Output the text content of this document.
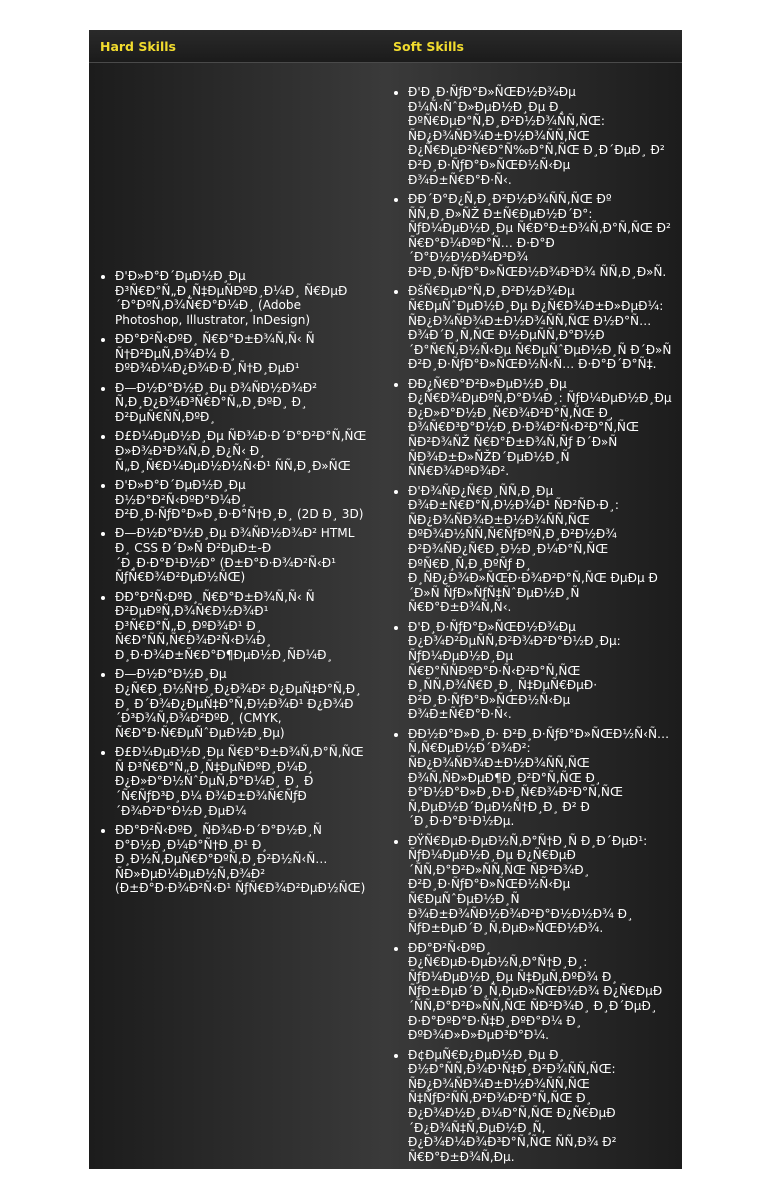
Hard Skills	Soft Skills
• Ð'Ð»Ð°Ð´ÐµÐ½Ð¸Ðµ Ð³Ñ€Ð°Ñ„Ð¸Ñ‡ÐµÑÐºÐ¸Ð¼Ð¸ Ñ€ÐµÐ´Ð°ÐºÑ‚Ð¾Ñ€Ð°Ð¼Ð¸ (Adobe Photoshop, Illustrator, InDesign)
• ÐÐ°Ð²Ñ‹ÐºÐ¸ Ñ€Ð°Ð±Ð¾Ñ‚Ñ‹ Ñ Ñ†Ð²ÐµÑ‚Ð¾Ð¼ Ð¸ ÐºÐ¾Ð¼Ð¿Ð¾Ð·Ð¸Ñ†Ð¸ÐµÐ¹
• Ð—Ð½Ð°Ð½Ð¸Ðµ Ð¾ÑÐ½Ð¾Ð² Ñ‚Ð¸Ð¿Ð¾Ð³Ñ€Ð°Ñ„Ð¸ÐºÐ¸ Ð¸ Ð²ÐµÑ€ÑÑ‚ÐºÐ¸
• Ð£Ð¼ÐµÐ½Ð¸Ðµ ÑÐ¾Ð·Ð´Ð°Ð²Ð°Ñ‚ÑŒ Ð»Ð¾Ð³Ð¾Ñ‚Ð¸Ð¿Ñ‹ Ð¸ Ñ„Ð¸Ñ€Ð¼ÐµÐ½Ð½Ñ‹Ð¹ ÑÑ‚Ð¸Ð»ÑŒ
• Ð'Ð»Ð°Ð´ÐµÐ½Ð¸Ðµ Ð½Ð°Ð²Ñ‹ÐºÐ°Ð¼Ð¸ Ð²Ð¸Ð·ÑƒÐ°Ð»Ð¸Ð·Ð°Ñ†Ð¸Ð¸ (2D Ð¸ 3D)
• Ð—Ð½Ð°Ð½Ð¸Ðµ Ð¾ÑÐ½Ð¾Ð² HTML Ð¸ CSS Ð´Ð»Ñ Ð²ÐµÐ±-Ð´Ð¸Ð·Ð°Ð¹Ð½Ð° (Ð±Ð°Ð·Ð¾Ð²Ñ‹Ð¹ ÑƒÑ€Ð¾Ð²ÐµÐ½ÑŒ)
• ÐÐ°Ð²Ñ‹ÐºÐ¸ Ñ€Ð°Ð±Ð¾Ñ‚Ñ‹ Ñ Ð²ÐµÐºÑ‚Ð¾Ñ€Ð½Ð¾Ð¹ Ð³Ñ€Ð°Ñ„Ð¸ÐºÐ¾Ð¹ Ð¸ Ñ€Ð°ÑÑ‚Ñ€Ð¾Ð²Ñ‹Ð¼Ð¸ Ð¸Ð·Ð¾Ð±Ñ€Ð°Ð¶ÐµÐ½Ð¸ÑÐ¼Ð¸
• Ð—Ð½Ð°Ð½Ð¸Ðµ Ð¿Ñ€Ð¸Ð½Ñ†Ð¸Ð¿Ð¾Ð² Ð¿ÐµÑ‡Ð°Ñ‚Ð¸ Ð¸ Ð´Ð¾Ð¿ÐµÑ‡Ð°Ñ‚Ð½Ð¾Ð¹ Ð¿Ð¾Ð´Ð³Ð¾Ñ‚Ð¾Ð²ÐºÐ¸ (CMYK, Ñ€Ð°Ð·Ñ€ÐµÑˆÐµÐ½Ð¸Ðµ)
• Ð£Ð¼ÐµÐ½Ð¸Ðµ Ñ€Ð°Ð±Ð¾Ñ‚Ð°Ñ‚ÑŒ Ñ Ð³Ñ€Ð°Ñ„Ð¸Ñ‡ÐµÑÐºÐ¸Ð¼Ð¸ Ð¿Ð»Ð°Ð½ÑˆÐµÑ‚Ð°Ð¼Ð¸ Ð¸ Ð´Ñ€ÑƒÐ³Ð¸Ð¼ Ð¾Ð±Ð¾Ñ€ÑƒÐ´Ð¾Ð²Ð°Ð½Ð¸ÐµÐ¼
• ÐÐ°Ð²Ñ‹ÐºÐ¸ ÑÐ¾Ð·Ð´Ð°Ð½Ð¸Ñ Ð°Ð½Ð¸Ð¼Ð°Ñ†Ð¸Ð¹ Ð¸ Ð¸Ð½Ñ‚ÐµÑ€Ð°ÐºÑ‚Ð¸Ð²Ð½Ñ‹Ñ… ÑÐ»ÐµÐ¼ÐµÐ½Ñ‚Ð¾Ð² (Ð±Ð°Ð·Ð¾Ð²Ñ‹Ð¹ ÑƒÑ€Ð¾Ð²ÐµÐ½ÑŒ)
• Ð'Ð¸Ð·ÑƒÐ°Ð»ÑŒÐ½Ð¾Ðµ Ð¼Ñ‹ÑˆÐ»ÐµÐ½Ð¸Ðµ Ð¸ ÐºÑ€ÐµÐ°Ñ‚Ð¸Ð²Ð½Ð¾ÑÑ‚ÑŒ: ÑÐ¿Ð¾ÑÐ¾Ð±Ð½Ð¾ÑÑ‚ÑŒ Ð¿Ñ€ÐµÐ²Ñ€Ð°Ñ‰Ð°Ñ‚ÑŒ Ð¸Ð´ÐµÐ¸ Ð² Ð²Ð¸Ð·ÑƒÐ°Ð»ÑŒÐ½Ñ‹Ðµ Ð¾Ð±Ñ€Ð°Ð·Ñ‹.
• ÐÐ´Ð°Ð¿Ñ‚Ð¸Ð²Ð½Ð¾ÑÑ‚ÑŒ Ðº ÑÑ‚Ð¸Ð»ÑŽ Ð±Ñ€ÐµÐ½Ð´Ð°: ÑƒÐ¼ÐµÐ½Ð¸Ðµ Ñ€Ð°Ð±Ð¾Ñ‚Ð°Ñ‚ÑŒ Ð² Ñ€Ð°Ð¼ÐºÐ°Ñ… Ð·Ð°Ð´Ð°Ð½Ð½Ð¾Ð³Ð¾ Ð²Ð¸Ð·ÑƒÐ°Ð»ÑŒÐ½Ð¾Ð³Ð¾ ÑÑ‚Ð¸Ð»Ñ.
• ÐšÑ€ÐµÐ°Ñ‚Ð¸Ð²Ð½Ð¾Ðµ Ñ€ÐµÑˆÐµÐ½Ð¸Ðµ Ð¿Ñ€Ð¾Ð±Ð»ÐµÐ¼: ÑÐ¿Ð¾ÑÐ¾Ð±Ð½Ð¾ÑÑ‚ÑŒ Ð½Ð°Ñ…Ð¾Ð´Ð¸Ñ‚ÑŒ Ð½ÐµÑÑ‚Ð°Ð½Ð´Ð°Ñ€Ñ‚Ð½Ñ‹Ðµ Ñ€ÐµÑˆÐµÐ½Ð¸Ñ Ð´Ð»Ñ Ð²Ð¸Ð·ÑƒÐ°Ð»ÑŒÐ½Ñ‹Ñ… Ð·Ð°Ð´Ð°Ñ‡.
• ÐÐ¿Ñ€Ð°Ð²Ð»ÐµÐ½Ð¸Ðµ Ð¿Ñ€Ð¾ÐµÐºÑ‚Ð°Ð¼Ð¸: ÑƒÐ¼ÐµÐ½Ð¸Ðµ Ð¿Ð»Ð°Ð½Ð¸Ñ€Ð¾Ð²Ð°Ñ‚ÑŒ Ð¸ Ð¾Ñ€Ð³Ð°Ð½Ð¸Ð·Ð¾Ð²Ñ‹Ð²Ð°Ñ‚ÑŒ ÑÐ²Ð¾ÑŽ Ñ€Ð°Ð±Ð¾Ñ‚Ñƒ Ð´Ð»Ñ ÑÐ¾Ð±Ð»ÑŽÐ´ÐµÐ½Ð¸Ñ ÑÑ€Ð¾ÐºÐ¾Ð².
• Ð'Ð¾ÑÐ¿Ñ€Ð¸ÑÑ‚Ð¸Ðµ Ð¾Ð±Ñ€Ð°Ñ‚Ð½Ð¾Ð¹ ÑÐ²ÑÐ·Ð¸: ÑÐ¿Ð¾ÑÐ¾Ð±Ð½Ð¾ÑÑ‚ÑŒ ÐºÐ¾Ð½ÑÑ‚Ñ€ÑƒÐºÑ‚Ð¸Ð²Ð½Ð¾ Ð²Ð¾ÑÐ¿Ñ€Ð¸Ð½Ð¸Ð¼Ð°Ñ‚ÑŒ ÐºÑ€Ð¸Ñ‚Ð¸ÐºÑƒ Ð¸ Ð¸ÑÐ¿Ð¾Ð»ÑŒÐ·Ð¾Ð²Ð°Ñ‚ÑŒ ÐµÐµ Ð´Ð»Ñ ÑƒÐ»ÑƒÑ‡ÑˆÐµÐ½Ð¸Ñ Ñ€Ð°Ð±Ð¾Ñ‚Ñ‹.
• Ð'Ð¸Ð·ÑƒÐ°Ð»ÑŒÐ½Ð¾Ðµ Ð¿Ð¾Ð²ÐµÑÑ‚Ð²Ð¾Ð²Ð°Ð½Ð¸Ðµ: ÑƒÐ¼ÐµÐ½Ð¸Ðµ Ñ€Ð°ÑÑÐºÐ°Ð·Ñ‹Ð²Ð°Ñ‚ÑŒ Ð¸ÑÑ‚Ð¾Ñ€Ð¸Ð¸ Ñ‡ÐµÑ€ÐµÐ· Ð²Ð¸Ð·ÑƒÐ°Ð»ÑŒÐ½Ñ‹Ðµ Ð¾Ð±Ñ€Ð°Ð·Ñ‹.
• ÐÐ½Ð°Ð»Ð¸Ð· Ð²Ð¸Ð·ÑƒÐ°Ð»ÑŒÐ½Ñ‹Ñ… Ñ‚Ñ€ÐµÐ½Ð´Ð¾Ð²: ÑÐ¿Ð¾ÑÐ¾Ð±Ð½Ð¾ÑÑ‚ÑŒ Ð¾Ñ‚ÑÐ»ÐµÐ¶Ð¸Ð²Ð°Ñ‚ÑŒ Ð¸ Ð°Ð½Ð°Ð»Ð¸Ð·Ð¸Ñ€Ð¾Ð²Ð°Ñ‚ÑŒ Ñ‚ÐµÐ½Ð´ÐµÐ½Ñ†Ð¸Ð¸ Ð² Ð´Ð¸Ð·Ð°Ð¹Ð½Ðµ.
• ÐŸÑ€ÐµÐ·ÐµÐ½Ñ‚Ð°Ñ†Ð¸Ñ Ð¸Ð´ÐµÐ¹: ÑƒÐ¼ÐµÐ½Ð¸Ðµ Ð¿Ñ€ÐµÐ´ÑÑ‚Ð°Ð²Ð»ÑÑ‚ÑŒ ÑÐ²Ð¾Ð¸ Ð²Ð¸Ð·ÑƒÐ°Ð»ÑŒÐ½Ñ‹Ðµ Ñ€ÐµÑˆÐµÐ½Ð¸Ñ Ð¾Ð±Ð¾ÑÐ½Ð¾Ð²Ð°Ð½Ð½Ð¾ Ð¸ ÑƒÐ±ÐµÐ´Ð¸Ñ‚ÐµÐ»ÑŒÐ½Ð¾.
• ÐÐ°Ð²Ñ‹ÐºÐ¸ Ð¿Ñ€ÐµÐ·ÐµÐ½Ñ‚Ð°Ñ†Ð¸Ð¸: ÑƒÐ¼ÐµÐ½Ð¸Ðµ Ñ‡ÐµÑ‚ÐºÐ¾ Ð¸ ÑƒÐ±ÐµÐ´Ð¸Ñ‚ÐµÐ»ÑŒÐ½Ð¾ Ð¿Ñ€ÐµÐ´ÑÑ‚Ð°Ð²Ð»ÑÑ‚ÑŒ ÑÐ²Ð¾Ð¸ Ð¸Ð´ÐµÐ¸ Ð·Ð°ÐºÐ°Ð·Ñ‡Ð¸ÐºÐ°Ð¼ Ð¸ ÐºÐ¾Ð»Ð»ÐµÐ³Ð°Ð¼.
• Ð¢ÐµÑ€Ð¿ÐµÐ½Ð¸Ðµ Ð¸ Ð½Ð°ÑÑ‚Ð¾Ð¹Ñ‡Ð¸Ð²Ð¾ÑÑ‚ÑŒ: ÑÐ¿Ð¾ÑÐ¾Ð±Ð½Ð¾ÑÑ‚ÑŒ Ñ‡ÑƒÐ²ÑÑ‚Ð²Ð¾Ð²Ð°Ñ‚ÑŒ Ð¸ Ð¿Ð¾Ð½Ð¸Ð¼Ð°Ñ‚ÑŒ Ð¿Ñ€ÐµÐ´Ð¿Ð¾Ñ‡Ñ‚ÐµÐ½Ð¸Ñ, Ð¿Ð¾Ð¼Ð¾Ð³Ð°Ñ‚ÑŒ ÑÑ‚Ð¾ Ð² Ñ€Ð°Ð±Ð¾Ñ‚Ðµ.
